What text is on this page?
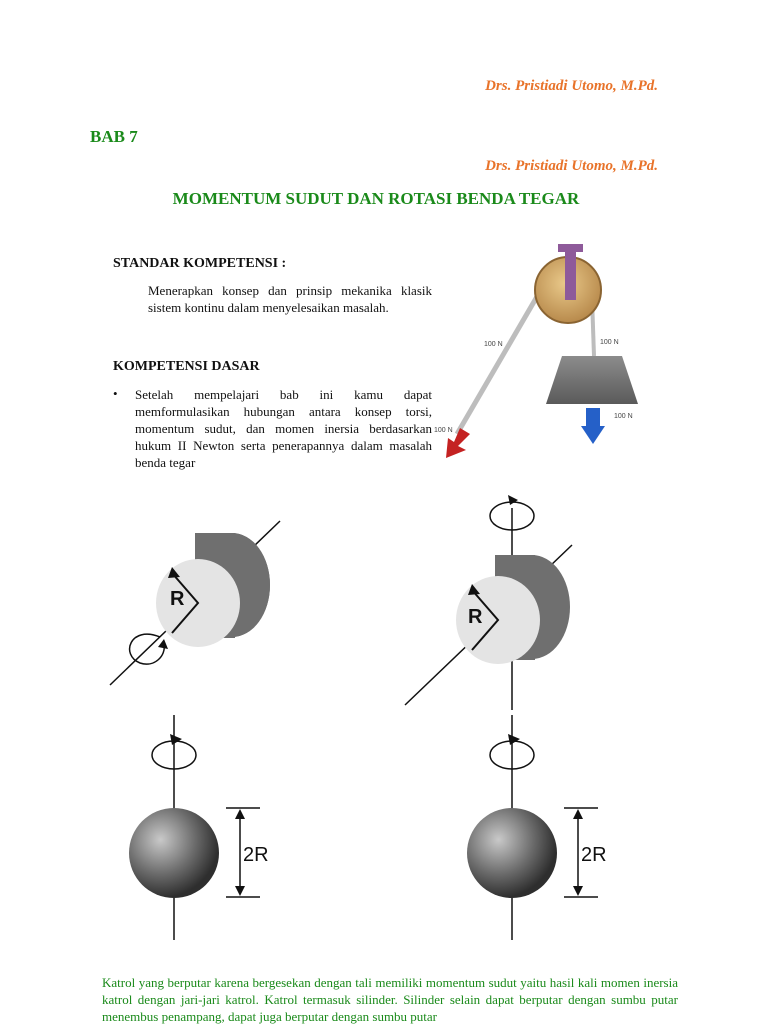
Drs. Pristiadi Utomo, M.Pd.
BAB 7
Drs. Pristiadi Utomo, M.Pd.
MOMENTUM SUDUT DAN ROTASI BENDA TEGAR
STANDAR KOMPETENSI :
Menerapkan konsep dan prinsip mekanika klasik sistem kontinu dalam menyelesaikan masalah.
KOMPETENSI DASAR
• Setelah mempelajari bab ini kamu dapat memformulasikan hubungan antara konsep torsi, momentum sudut, dan momen inersia berdasarkan hukum II Newton serta penerapannya dalam masalah benda tegar
100 N	100 N
100 N
100 N
R
R
2R	2R
Katrol yang berputar karena bergesekan dengan tali memiliki momentum sudut yaitu hasil kali momen inersia katrol dengan jari-jari katrol. Katrol termasuk silinder. Silinder selain dapat berputar dengan sumbu putar menembus penampang, dapat juga berputar dengan sumbu putar
